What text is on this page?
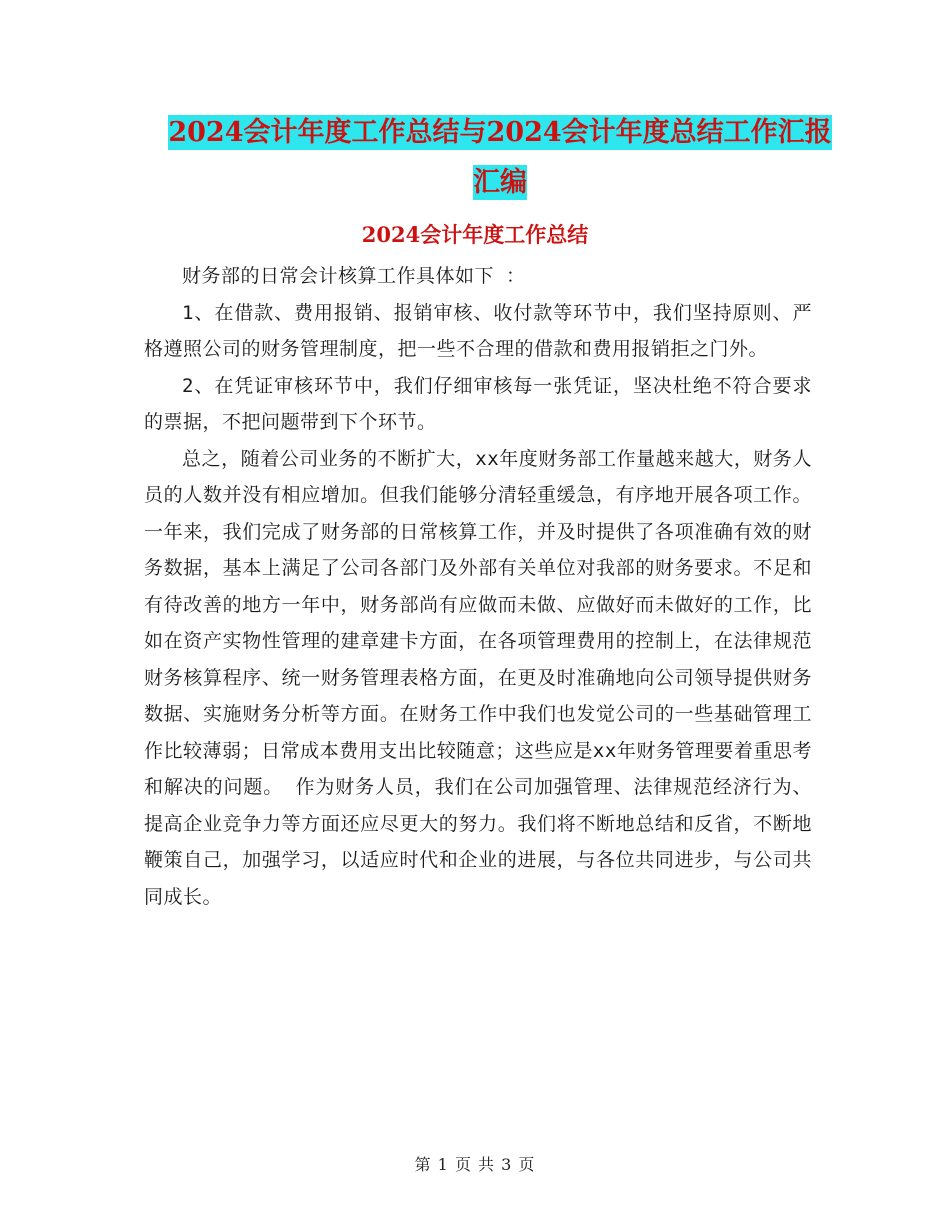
2024会计年度工作总结与2024会计年度总结工作汇报
汇编
2024会计年度工作总结

财务部的日常会计核算工作具体如下 ：

1、在借款、费用报销、报销审核、收付款等环节中，我们坚持原则、严格遵照公司的财务管理制度，把一些不合理的借款和费用报销拒之门外。

2、在凭证审核环节中，我们仔细审核每一张凭证，坚决杜绝不符合要求的票据，不把问题带到下个环节。

总之，随着公司业务的不断扩大，xx年度财务部工作量越来越大，财务人员的人数并没有相应增加。但我们能够分清轻重缓急，有序地开展各项工作。一年来，我们完成了财务部的日常核算工作，并及时提供了各项准确有效的财务数据，基本上满足了公司各部门及外部有关单位对我部的财务要求。不足和有待改善的地方一年中，财务部尚有应做而未做、应做好而未做好的工作，比如在资产实物性管理的建章建卡方面，在各项管理费用的控制上，在法律规范财务核算程序、统一财务管理表格方面，在更及时准确地向公司领导提供财务数据、实施财务分析等方面。在财务工作中我们也发觉公司的一些基础管理工作比较薄弱；日常成本费用支出比较随意；这些应是xx年财务管理要着重思考和解决的问题。 作为财务人员，我们在公司加强管理、法律规范经济行为、提高企业竞争力等方面还应尽更大的努力。我们将不断地总结和反省，不断地鞭策自己，加强学习，以适应时代和企业的进展，与各位共同进步，与公司共同成长。

第 1 页 共 3 页
